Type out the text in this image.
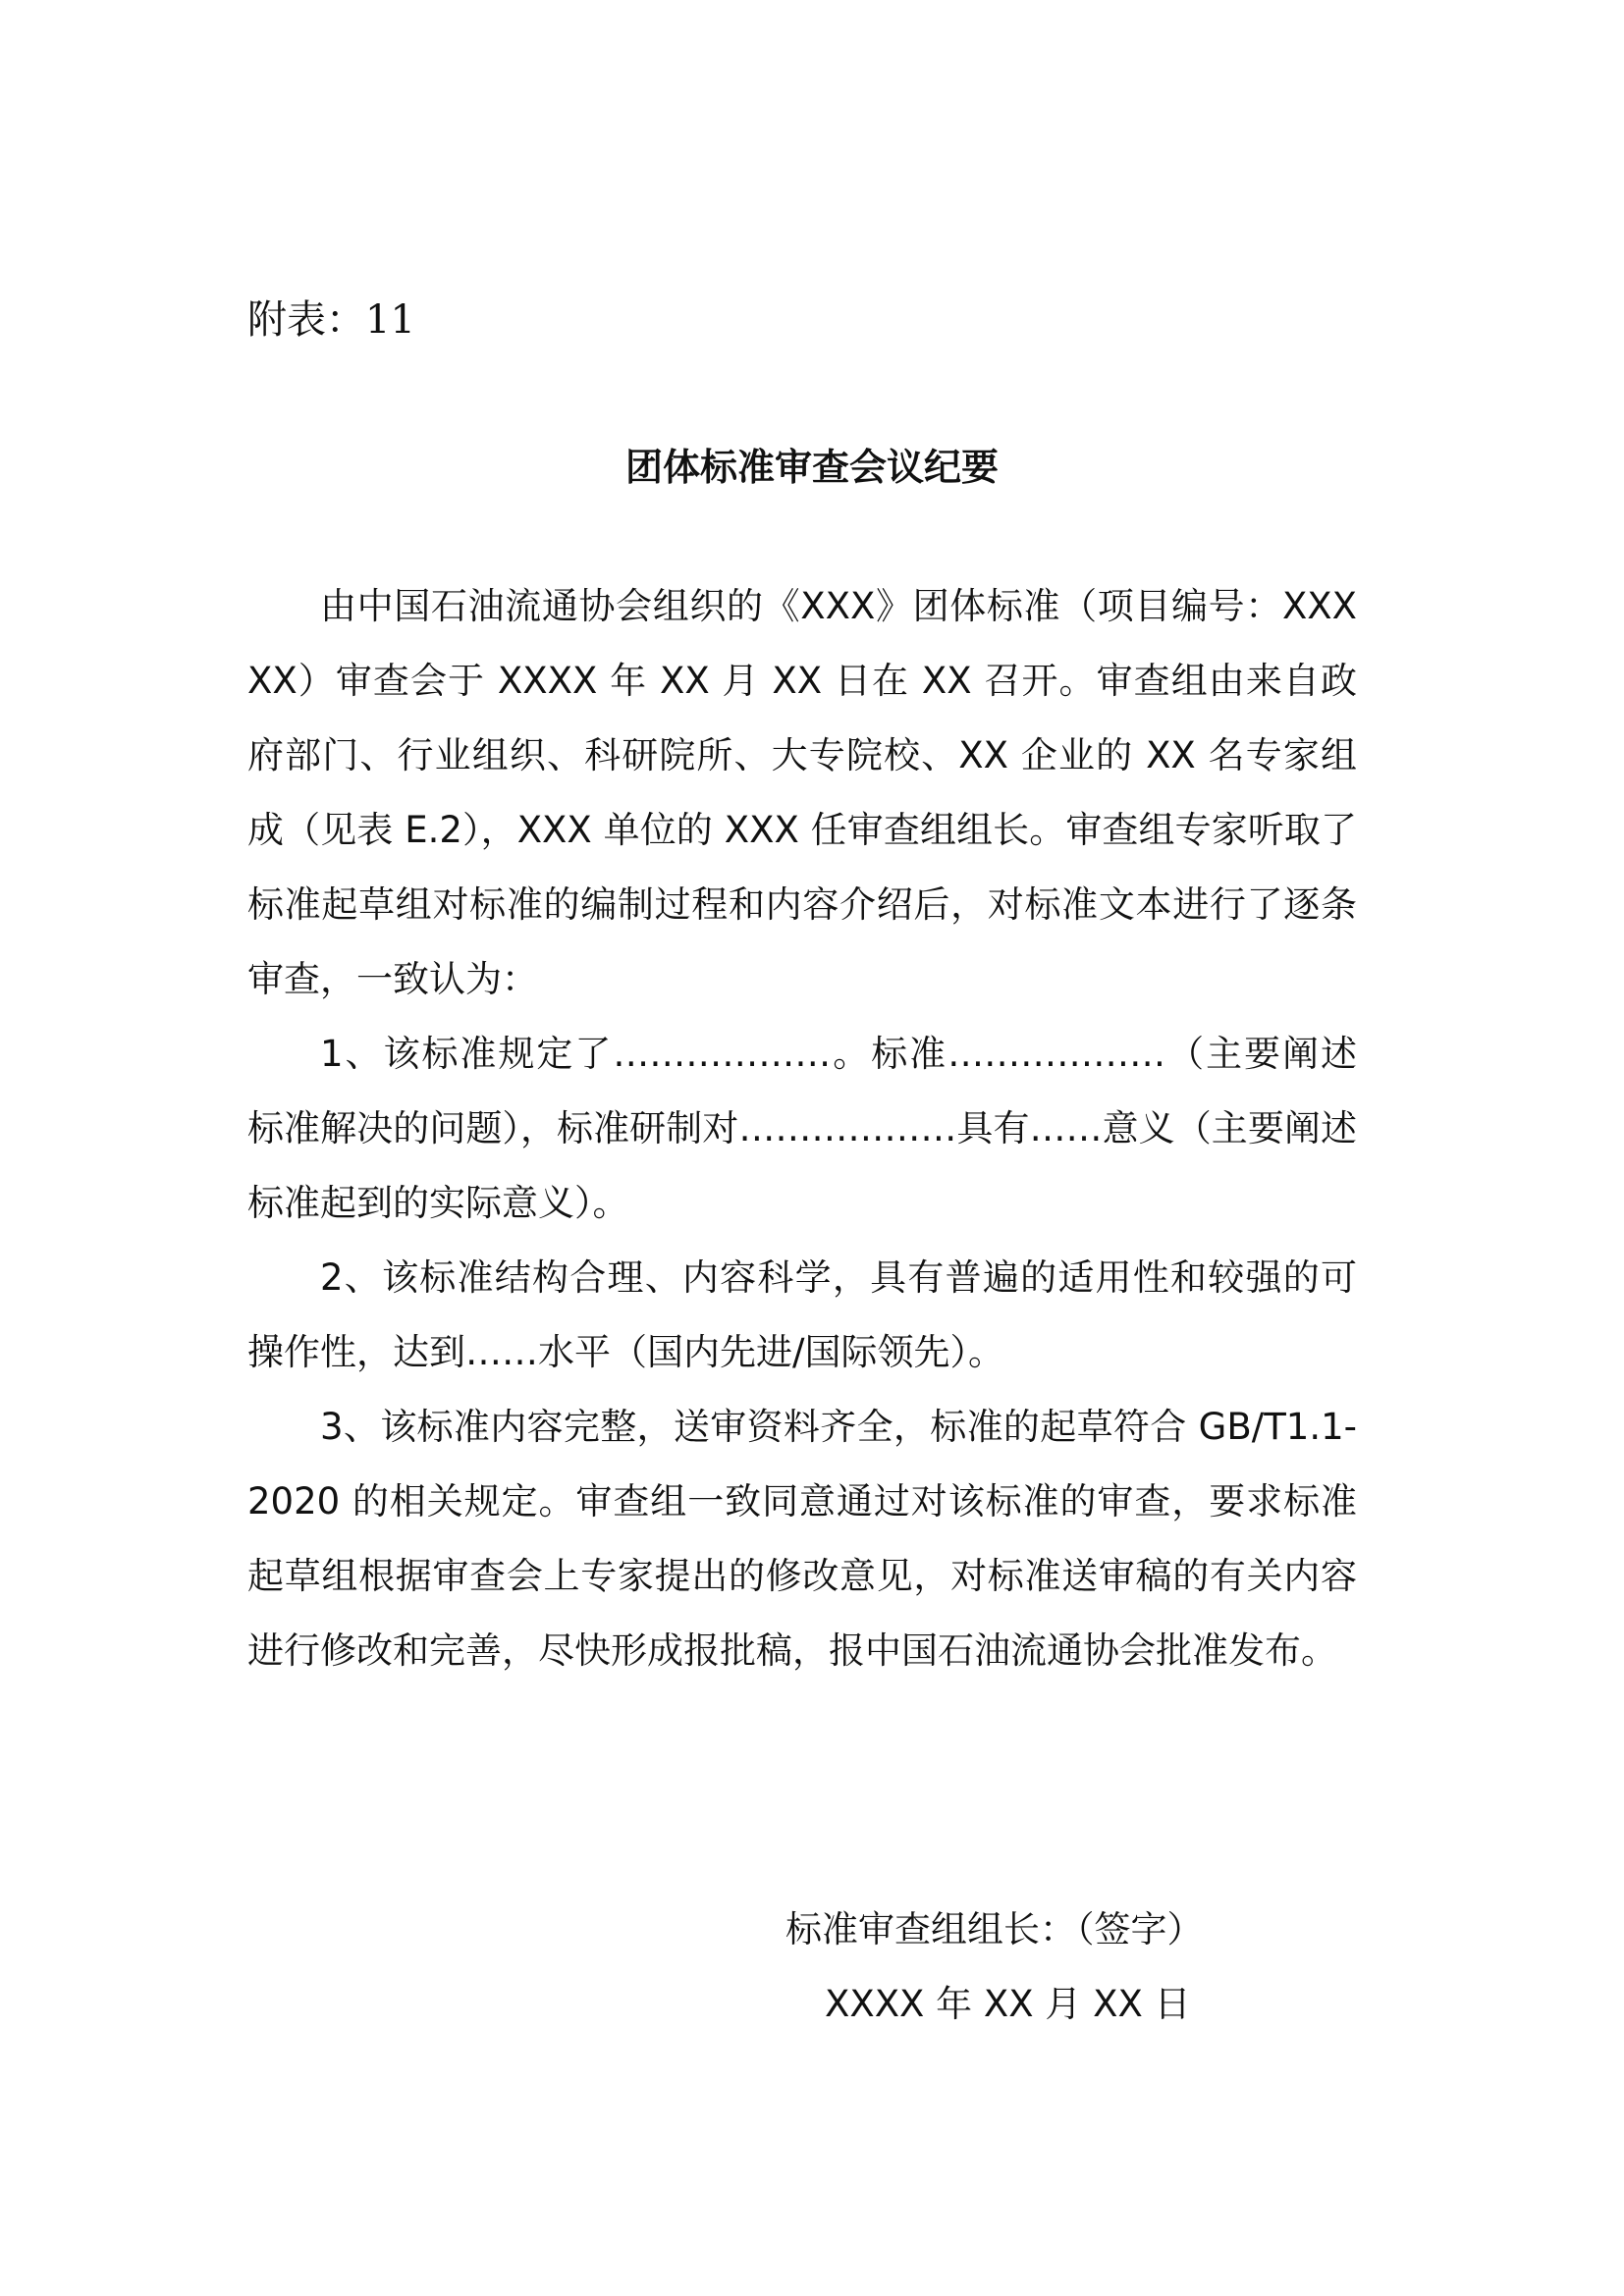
附表：11
团体标准审查会议纪要

由中国石油流通协会组织的《XXX》团体标准（项目编号：XXXXX）审查会于 XXXX 年 XX 月 XX 日在 XX 召开。审查组由来自政府部门、行业组织、科研院所、大专院校、XX 企业的 XX 名专家组成（见表 E.2），XXX 单位的 XXX 任审查组组长。审查组专家听取了标准起草组对标准的编制过程和内容介绍后，对标准文本进行了逐条审查，一致认为：

1、该标准规定了………………。标准………………（主要阐述标准解决的问题），标准研制对………………具有……意义（主要阐述标准起到的实际意义）。

2、该标准结构合理、内容科学，具有普遍的适用性和较强的可操作性，达到……水平（国内先进/国际领先）。

3、该标准内容完整，送审资料齐全，标准的起草符合 GB/T1.1-2020 的相关规定。审查组一致同意通过对该标准的审查，要求标准起草组根据审查会上专家提出的修改意见，对标准送审稿的有关内容进行修改和完善，尽快形成报批稿，报中国石油流通协会批准发布。

标准审查组组长：（签字）
XXXX 年 XX 月 XX 日
